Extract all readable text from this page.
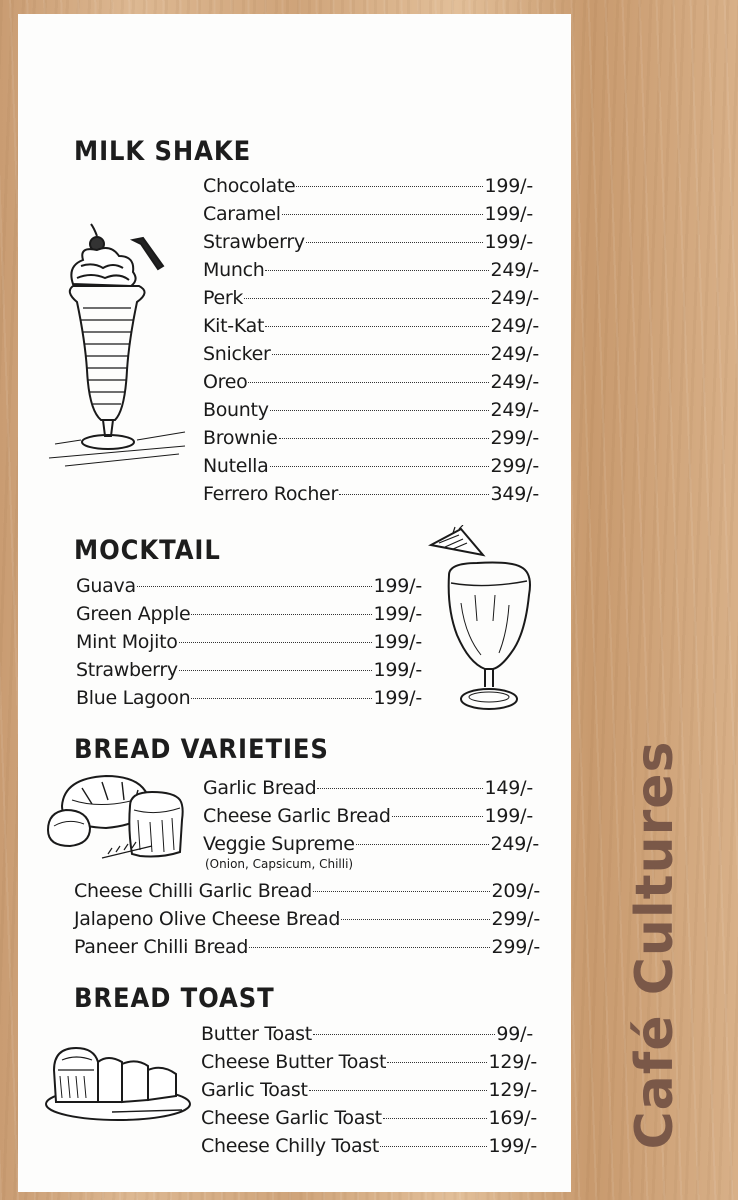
MILK SHAKE
Chocolate	199/-
Caramel	199/-
Strawberry	199/-
Munch	249/-
Perk	249/-
Kit-Kat	249/-
Snicker	249/-
Oreo	249/-
Bounty	249/-
Brownie	299/-
Nutella	299/-
Ferrero Rocher	349/-
MOCKTAIL
Guava	199/-
Green Apple	199/-
Mint Mojito	199/-
Strawberry	199/-
Blue Lagoon	199/-
BREAD VARIETIES
Garlic Bread	149/-
Cheese Garlic Bread	199/-
Veggie Supreme	249/-
(Onion, Capsicum, Chilli)
Cheese Chilli Garlic Bread	209/-
Jalapeno Olive Cheese Bread	299/-
Paneer Chilli Bread	299/-
BREAD TOAST
Butter Toast	99/-
Cheese Butter Toast	129/-
Garlic Toast	129/-
Cheese Garlic Toast	169/-
Cheese Chilly Toast	199/- Café Cultures
